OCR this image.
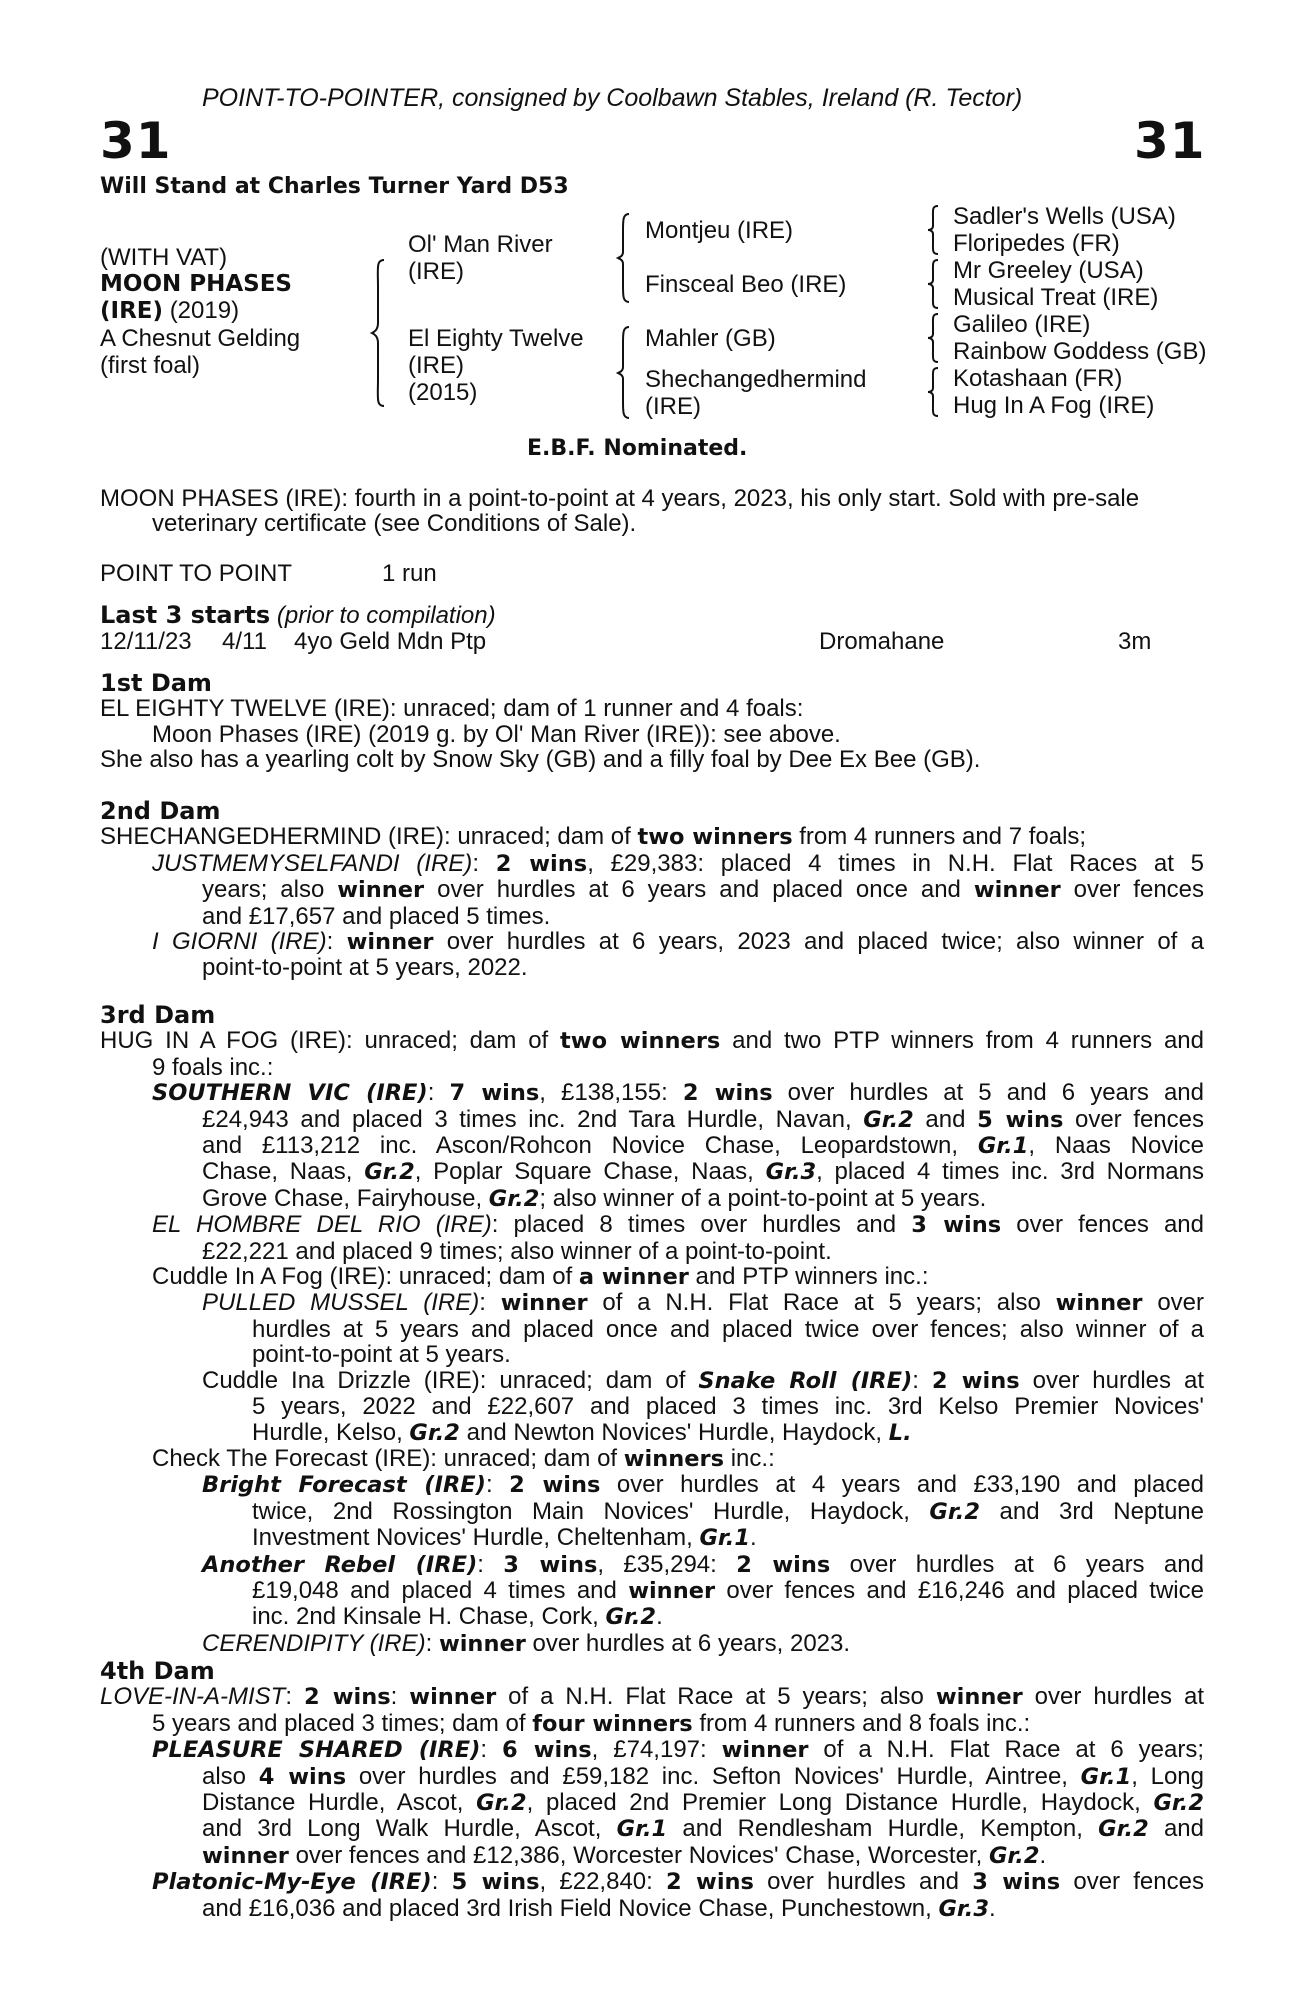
POINT-TO-POINTER, consigned by Coolbawn Stables, Ireland (R. Tector)
31	31
Will Stand at Charles Turner Yard D53
(WITH VAT)
MOON PHASES
(IRE) (2019)
A Chesnut Gelding
(first foal)
Ol' Man River
(IRE)
El Eighty Twelve
(IRE)
(2015)
Montjeu (IRE)
Finsceal Beo (IRE)
Mahler (GB)
Shechangedhermind
(IRE)
Sadler's Wells (USA)
Floripedes (FR)
Mr Greeley (USA)
Musical Treat (IRE)
Galileo (IRE)
Rainbow Goddess (GB)
Kotashaan (FR)
Hug In A Fog (IRE)
E.B.F. Nominated.
MOON PHASES (IRE): fourth in a point-to-point at 4 years, 2023, his only start. Sold with pre-sale
veterinary certificate (see Conditions of Sale).
POINT TO POINT	1 run
Last 3 starts (prior to compilation)
12/11/23 4/11 4yo Geld Mdn Ptp	Dromahane	3m
1st Dam
EL EIGHTY TWELVE (IRE): unraced; dam of 1 runner and 4 foals:
Moon Phases (IRE) (2019 g. by Ol' Man River (IRE)): see above.
She also has a yearling colt by Snow Sky (GB) and a filly foal by Dee Ex Bee (GB).
2nd Dam
SHECHANGEDHERMIND (IRE): unraced; dam of two winners from 4 runners and 7 foals;
JUSTMEMYSELFANDI (IRE): 2 wins, £29,383: placed 4 times in N.H. Flat Races at 5
years; also winner over hurdles at 6 years and placed once and winner over fences
and £17,657 and placed 5 times.
I GIORNI (IRE): winner over hurdles at 6 years, 2023 and placed twice; also winner of a
point-to-point at 5 years, 2022.
3rd Dam
HUG IN A FOG (IRE): unraced; dam of two winners and two PTP winners from 4 runners and
9 foals inc.:
SOUTHERN VIC (IRE): 7 wins, £138,155: 2 wins over hurdles at 5 and 6 years and
£24,943 and placed 3 times inc. 2nd Tara Hurdle, Navan, Gr.2 and 5 wins over fences
and £113,212 inc. Ascon/Rohcon Novice Chase, Leopardstown, Gr.1, Naas Novice
Chase, Naas, Gr.2, Poplar Square Chase, Naas, Gr.3, placed 4 times inc. 3rd Normans
Grove Chase, Fairyhouse, Gr.2; also winner of a point-to-point at 5 years.
EL HOMBRE DEL RIO (IRE): placed 8 times over hurdles and 3 wins over fences and
£22,221 and placed 9 times; also winner of a point-to-point.
Cuddle In A Fog (IRE): unraced; dam of a winner and PTP winners inc.:
PULLED MUSSEL (IRE): winner of a N.H. Flat Race at 5 years; also winner over
hurdles at 5 years and placed once and placed twice over fences; also winner of a
point-to-point at 5 years.
Cuddle Ina Drizzle (IRE): unraced; dam of Snake Roll (IRE): 2 wins over hurdles at
5 years, 2022 and £22,607 and placed 3 times inc. 3rd Kelso Premier Novices'
Hurdle, Kelso, Gr.2 and Newton Novices' Hurdle, Haydock, L.
Check The Forecast (IRE): unraced; dam of winners inc.:
Bright Forecast (IRE): 2 wins over hurdles at 4 years and £33,190 and placed
twice, 2nd Rossington Main Novices' Hurdle, Haydock, Gr.2 and 3rd Neptune
Investment Novices' Hurdle, Cheltenham, Gr.1.
Another Rebel (IRE): 3 wins, £35,294: 2 wins over hurdles at 6 years and
£19,048 and placed 4 times and winner over fences and £16,246 and placed twice
inc. 2nd Kinsale H. Chase, Cork, Gr.2.
CERENDIPITY (IRE): winner over hurdles at 6 years, 2023.
4th Dam
LOVE-IN-A-MIST: 2 wins: winner of a N.H. Flat Race at 5 years; also winner over hurdles at
5 years and placed 3 times; dam of four winners from 4 runners and 8 foals inc.:
PLEASURE SHARED (IRE): 6 wins, £74,197: winner of a N.H. Flat Race at 6 years;
also 4 wins over hurdles and £59,182 inc. Sefton Novices' Hurdle, Aintree, Gr.1, Long
Distance Hurdle, Ascot, Gr.2, placed 2nd Premier Long Distance Hurdle, Haydock, Gr.2
and 3rd Long Walk Hurdle, Ascot, Gr.1 and Rendlesham Hurdle, Kempton, Gr.2 and
winner over fences and £12,386, Worcester Novices' Chase, Worcester, Gr.2.
Platonic-My-Eye (IRE): 5 wins, £22,840: 2 wins over hurdles and 3 wins over fences
and £16,036 and placed 3rd Irish Field Novice Chase, Punchestown, Gr.3.
